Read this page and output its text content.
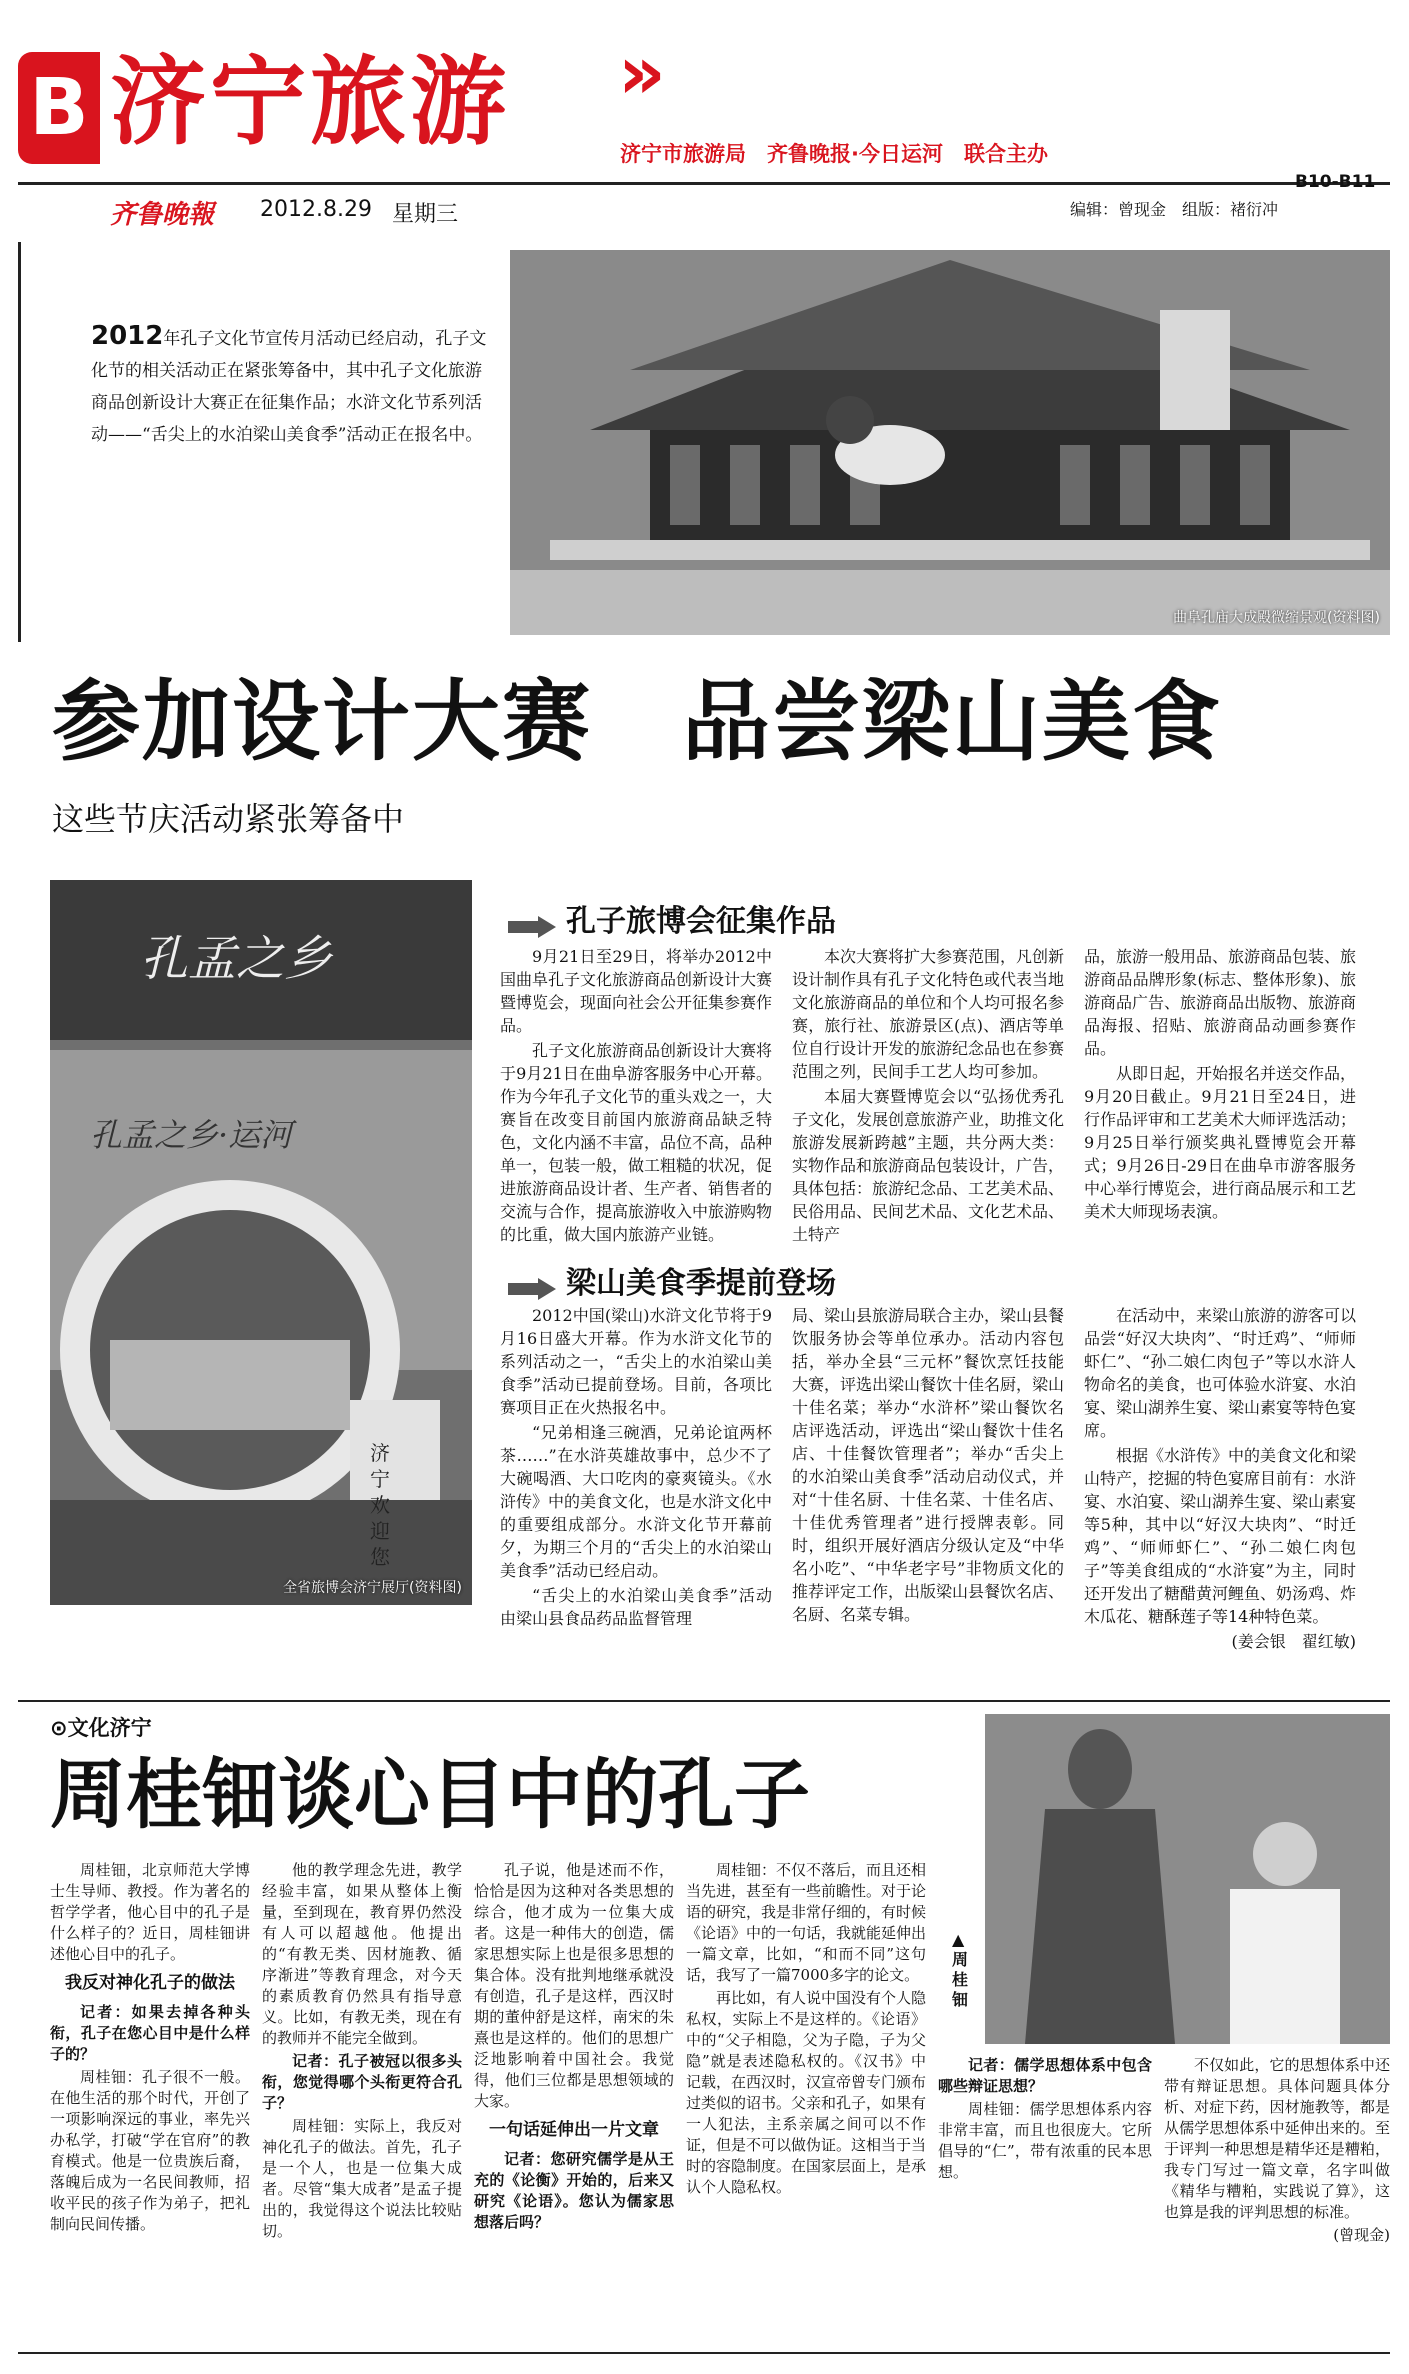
B 济宁旅游 »
济宁市旅游局　齐鲁晚报·今日运河　联合主办
齐鲁晚報 2012.8.29 星期三	编辑：曾现金　组版：褚衍冲
B10-B11
2012年孔子文化节宣传月活动已经启动，孔子文化节的相关活动正在紧张筹备中，其中孔子文化旅游商品创新设计大赛正在征集作品；水浒文化节系列活动——“舌尖上的水泊梁山美食季”活动正在报名中。
曲阜孔庙大成殿微缩景观(资料图)
参加设计大赛　品尝梁山美食
这些节庆活动紧张筹备中
孔孟之乡
孔孟之乡·运河
济宁欢迎您
全省旅博会济宁展厅(资料图)
孔子旅博会征集作品

9月21日至29日，将举办2012中国曲阜孔子文化旅游商品创新设计大赛暨博览会，现面向社会公开征集参赛作品。

孔子文化旅游商品创新设计大赛将于9月21日在曲阜游客服务中心开幕。作为今年孔子文化节的重头戏之一，大赛旨在改变目前国内旅游商品缺乏特色，文化内涵不丰富，品位不高，品种单一，包装一般，做工粗糙的状况，促进旅游商品设计者、生产者、销售者的交流与合作，提高旅游收入中旅游购物的比重，做大国内旅游产业链。

本次大赛将扩大参赛范围，凡创新设计制作具有孔子文化特色或代表当地文化旅游商品的单位和个人均可报名参赛，旅行社、旅游景区(点)、酒店等单位自行设计开发的旅游纪念品也在参赛范围之列，民间手工艺人均可参加。

本届大赛暨博览会以“弘扬优秀孔子文化，发展创意旅游产业，助推文化旅游发展新跨越”主题，共分两大类：实物作品和旅游商品包装设计，广告，具体包括：旅游纪念品、工艺美术品、民俗用品、民间艺术品、文化艺术品、土特产

品，旅游一般用品、旅游商品包装、旅游商品品牌形象(标志、整体形象)、旅游商品广告、旅游商品出版物、旅游商品海报、招贴、旅游商品动画参赛作品。

从即日起，开始报名并送交作品，9月20日截止。9月21日至24日，进行作品评审和工艺美术大师评选活动；9月25日举行颁奖典礼暨博览会开幕式；9月26日-29日在曲阜市游客服务中心举行博览会，进行商品展示和工艺美术大师现场表演。

梁山美食季提前登场

2012中国(梁山)水浒文化节将于9月16日盛大开幕。作为水浒文化节的系列活动之一，“舌尖上的水泊梁山美食季”活动已提前登场。目前，各项比赛项目正在火热报名中。

“兄弟相逢三碗酒，兄弟论谊两杯茶……”在水浒英雄故事中，总少不了大碗喝酒、大口吃肉的豪爽镜头。《水浒传》中的美食文化，也是水浒文化中的重要组成部分。水浒文化节开幕前夕，为期三个月的“舌尖上的水泊梁山美食季”活动已经启动。

“舌尖上的水泊梁山美食季”活动由梁山县食品药品监督管理

局、梁山县旅游局联合主办，梁山县餐饮服务协会等单位承办。活动内容包括，举办全县“三元杯”餐饮烹饪技能大赛，评选出梁山餐饮十佳名厨，梁山十佳名菜；举办“水浒杯”梁山餐饮名店评选活动，评选出“梁山餐饮十佳名店、十佳餐饮管理者”；举办“舌尖上的水泊梁山美食季”活动启动仪式，并对“十佳名厨、十佳名菜、十佳名店、十佳优秀管理者”进行授牌表彰。同时，组织开展好酒店分级认定及“中华名小吃”、“中华老字号”非物质文化的推荐评定工作，出版梁山县餐饮名店、名厨、名菜专辑。

在活动中，来梁山旅游的游客可以品尝“好汉大块肉”、“时迁鸡”、“师师虾仁”、“孙二娘仁肉包子”等以水浒人物命名的美食，也可体验水浒宴、水泊宴、梁山湖养生宴、梁山素宴等特色宴席。

根据《水浒传》中的美食文化和梁山特产，挖掘的特色宴席目前有：水浒宴、水泊宴、梁山湖养生宴、梁山素宴等5种，其中以“好汉大块肉”、“时迁鸡”、“师师虾仁”、“孙二娘仁肉包子”等美食组成的“水浒宴”为主，同时还开发出了糖醋黄河鲤鱼、奶汤鸡、炸木瓜花、糖酥莲子等14种特色菜。

(姜会银　翟红敏)

⊙文化济宁
周桂钿谈心目中的孔子
▲周桂钿

周桂钿，北京师范大学博士生导师、教授。作为著名的哲学学者，他心目中的孔子是什么样子的？近日，周桂钿讲述他心目中的孔子。

我反对神化孔子的做法

记者：如果去掉各种头衔，孔子在您心目中是什么样子的？

周桂钿：孔子很不一般。在他生活的那个时代，开创了一项影响深远的事业，率先兴办私学，打破“学在官府”的教育模式。他是一位贵族后裔，落魄后成为一名民间教师，招收平民的孩子作为弟子，把礼制向民间传播。

他的教学理念先进，教学经验丰富，如果从整体上衡量，至到现在，教育界仍然没有人可以超越他。他提出的“有教无类、因材施教、循序渐进”等教育理念，对今天的素质教育仍然具有指导意义。比如，有教无类，现在有的教师并不能完全做到。

记者：孔子被冠以很多头衔，您觉得哪个头衔更符合孔子？

周桂钿：实际上，我反对神化孔子的做法。首先，孔子是一个人，也是一位集大成者。尽管“集大成者”是孟子提出的，我觉得这个说法比较贴切。

孔子说，他是述而不作，恰恰是因为这种对各类思想的综合，他才成为一位集大成者。这是一种伟大的创造，儒家思想实际上也是很多思想的集合体。没有批判地继承就没有创造，孔子是这样，西汉时期的董仲舒是这样，南宋的朱熹也是这样的。他们的思想广泛地影响着中国社会。我觉得，他们三位都是思想领域的大家。

一句话延伸出一片文章

记者：您研究儒学是从王充的《论衡》开始的，后来又研究《论语》。您认为儒家思想落后吗？

周桂钿：不仅不落后，而且还相当先进，甚至有一些前瞻性。对于论语的研究，我是非常仔细的，有时候《论语》中的一句话，我就能延伸出一篇文章，比如，“和而不同”这句话，我写了一篇7000多字的论文。

再比如，有人说中国没有个人隐私权，实际上不是这样的。《论语》中的“父子相隐，父为子隐，子为父隐”就是表述隐私权的。《汉书》中记载，在西汉时，汉宣帝曾专门颁布过类似的诏书。父亲和孔子，如果有一人犯法，主系亲属之间可以不作证，但是不可以做伪证。这相当于当时的容隐制度。在国家层面上，是承认个人隐私权。

记者：儒学思想体系中包含哪些辩证思想？

周桂钿：儒学思想体系内容非常丰富，而且也很庞大。它所倡导的“仁”，带有浓重的民本思想。

不仅如此，它的思想体系中还带有辩证思想。具体问题具体分析、对症下药，因材施教等，都是从儒学思想体系中延伸出来的。至于评判一种思想是精华还是糟粕，我专门写过一篇文章，名字叫做《精华与糟粕，实践说了算》，这也算是我的评判思想的标准。

(曾现金)
